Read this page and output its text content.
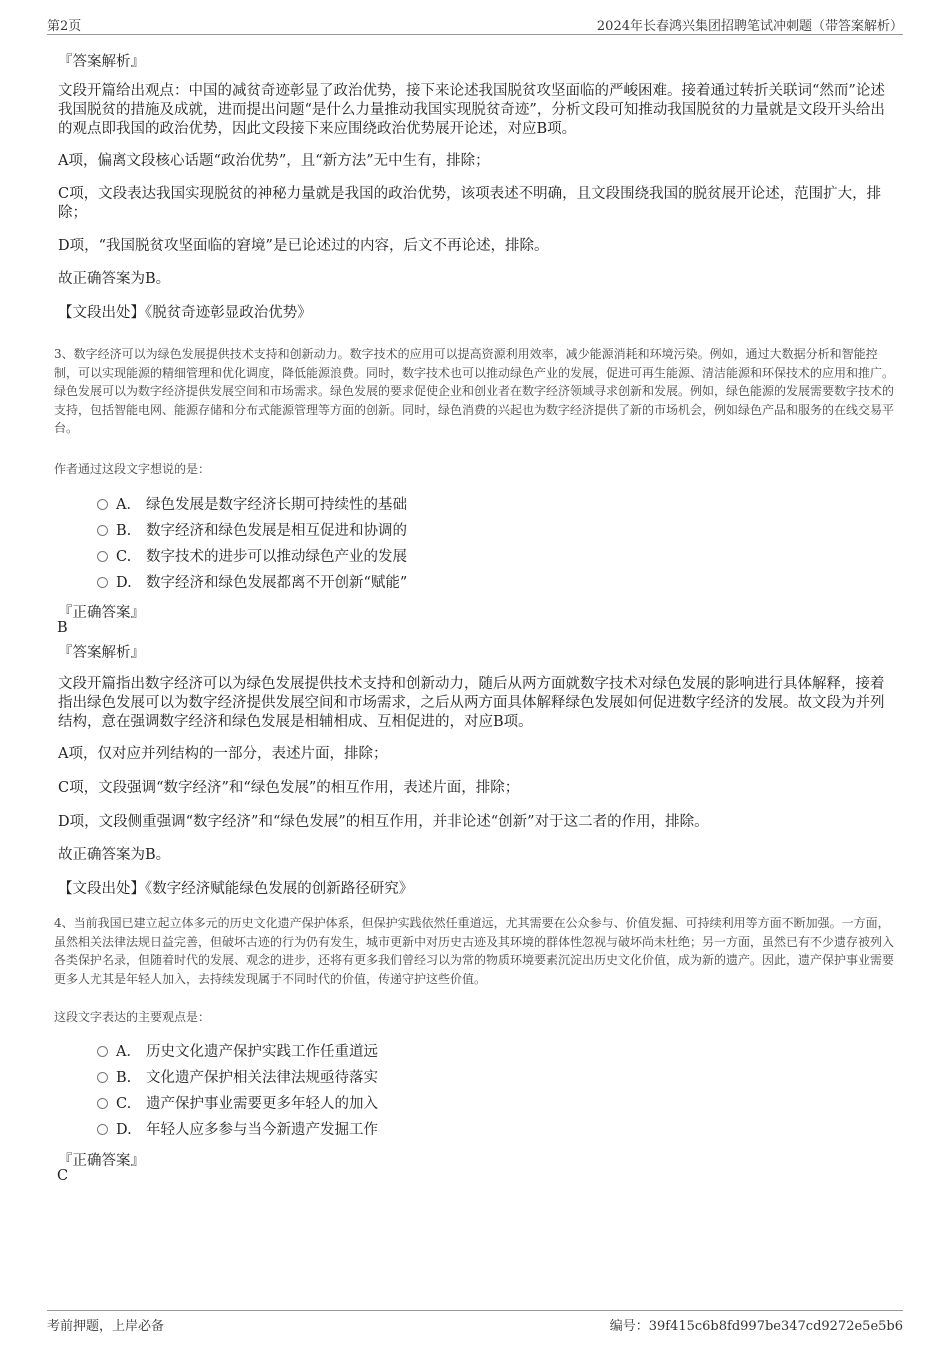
第2页	2024年长春鸿兴集团招聘笔试冲刺题（带答案解析）
『答案解析』
文段开篇给出观点：中国的减贫奇迹彰显了政治优势，接下来论述我国脱贫攻坚面临的严峻困难。接着通过转折关联词“然而”论述我国脱贫的措施及成就，进而提出问题“是什么力量推动我国实现脱贫奇迹”，分析文段可知推动我国脱贫的力量就是文段开头给出的观点即我国的政治优势，因此文段接下来应围绕政治优势展开论述，对应B项。
A项，偏离文段核心话题“政治优势”，且“新方法”无中生有，排除；
C项，文段表达我国实现脱贫的神秘力量就是我国的政治优势，该项表述不明确，且文段围绕我国的脱贫展开论述，范围扩大，排除；
D项，“我国脱贫攻坚面临的窘境”是已论述过的内容，后文不再论述，排除。
故正确答案为B。
【文段出处】《脱贫奇迹彰显政治优势》
3、数字经济可以为绿色发展提供技术支持和创新动力。数字技术的应用可以提高资源利用效率，减少能源消耗和环境污染。例如，通过大数据分析和智能控制，可以实现能源的精细管理和优化调度，降低能源浪费。同时，数字技术也可以推动绿色产业的发展，促进可再生能源、清洁能源和环保技术的应用和推广。绿色发展可以为数字经济提供发展空间和市场需求。绿色发展的要求促使企业和创业者在数字经济领域寻求创新和发展。例如，绿色能源的发展需要数字技术的支持，包括智能电网、能源存储和分布式能源管理等方面的创新。同时，绿色消费的兴起也为数字经济提供了新的市场机会，例如绿色产品和服务的在线交易平台。
作者通过这段文字想说的是：
A． 绿色发展是数字经济长期可持续性的基础
B. 数字经济和绿色发展是相互促进和协调的
C. 数字技术的进步可以推动绿色产业的发展
D. 数字经济和绿色发展都离不开创新“赋能”
『正确答案』
B
『答案解析』
文段开篇指出数字经济可以为绿色发展提供技术支持和创新动力，随后从两方面就数字技术对绿色发展的影响进行具体解释，接着指出绿色发展可以为数字经济提供发展空间和市场需求，之后从两方面具体解释绿色发展如何促进数字经济的发展。故文段为并列结构，意在强调数字经济和绿色发展是相辅相成、互相促进的，对应B项。
A项，仅对应并列结构的一部分，表述片面，排除；
C项，文段强调“数字经济”和“绿色发展”的相互作用，表述片面，排除；
D项，文段侧重强调“数字经济”和“绿色发展”的相互作用，并非论述“创新”对于这二者的作用，排除。
故正确答案为B。
【文段出处】《数字经济赋能绿色发展的创新路径研究》
4、当前我国已建立起立体多元的历史文化遗产保护体系，但保护实践依然任重道远，尤其需要在公众参与、价值发掘、可持续利用等方面不断加强。一方面，虽然相关法律法规日益完善，但破坏古迹的行为仍有发生，城市更新中对历史古迹及其环境的群体性忽视与破坏尚未杜绝；另一方面，虽然已有不少遗存被列入各类保护名录，但随着时代的发展、观念的进步，还将有更多我们曾经习以为常的物质环境要素沉淀出历史文化价值，成为新的遗产。因此，遗产保护事业需要更多人尤其是年轻人加入，去持续发现属于不同时代的价值，传递守护这些价值。
这段文字表达的主要观点是：
A． 历史文化遗产保护实践工作任重道远
B. 文化遗产保护相关法律法规亟待落实
C. 遗产保护事业需要更多年轻人的加入
D. 年轻人应多参与当今新遗产发掘工作
『正确答案』
C
考前押题，上岸必备	编号：39f415c6b8fd997be347cd9272e5e5b6
